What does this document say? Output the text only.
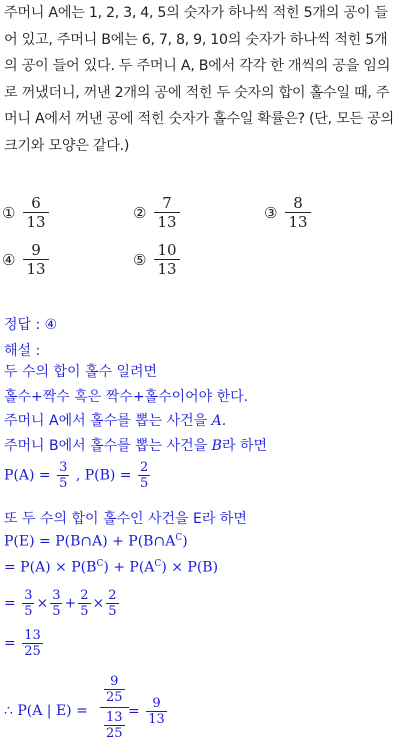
주머니 A에는 1, 2, 3, 4, 5의 숫자가 하나씩 적힌 5개의 공이 들어 있고, 주머니 B에는 6, 7, 8, 9, 10의 숫자가 하나씩 적힌 5개의 공이 들어 있다. 두 주머니 A, B에서 각각 한 개씩의 공을 임의로 꺼냈더니, 꺼낸 2개의 공에 적힌 두 숫자의 합이 홀수일 때, 주머니 A에서 꺼낸 공에 적힌 숫자가 홀수일 확률은? (단, 모든 공의 크기와 모양은 같다.)
① $\frac{6}{13}$	② $\frac{7}{13}$	③ $\frac{8}{13}$
④ $\frac{9}{13}$	⑤ $\frac{10}{13}$
정답 : ④
해설 :
두 수의 합이 홀수 일려면
홀수+짝수 혹은 짝수+홀수이어야 한다.
주머니 A에서 홀수를 뽑는 사건을 A.
주머니 B에서 홀수를 뽑는 사건을 B라 하면
$P(A) = \frac{3}{5}$ , $P(B) = \frac{2}{5}$
또 두 수의 합이 홀수인 사건을 E라 하면
P(E) = P(B∩A) + $P(B\cap A^C)$
= $P(A) \times P(B^C) + P(A^C) \times P(B)$
= $\frac{3}{5} \times \frac{3}{5} + \frac{2}{5} \times \frac{2}{5}$
= $\frac{13}{25}$
∴ P(A | E) =
$\frac{9}{25}$
$\frac{13}{25} = \frac{9}{13}$
